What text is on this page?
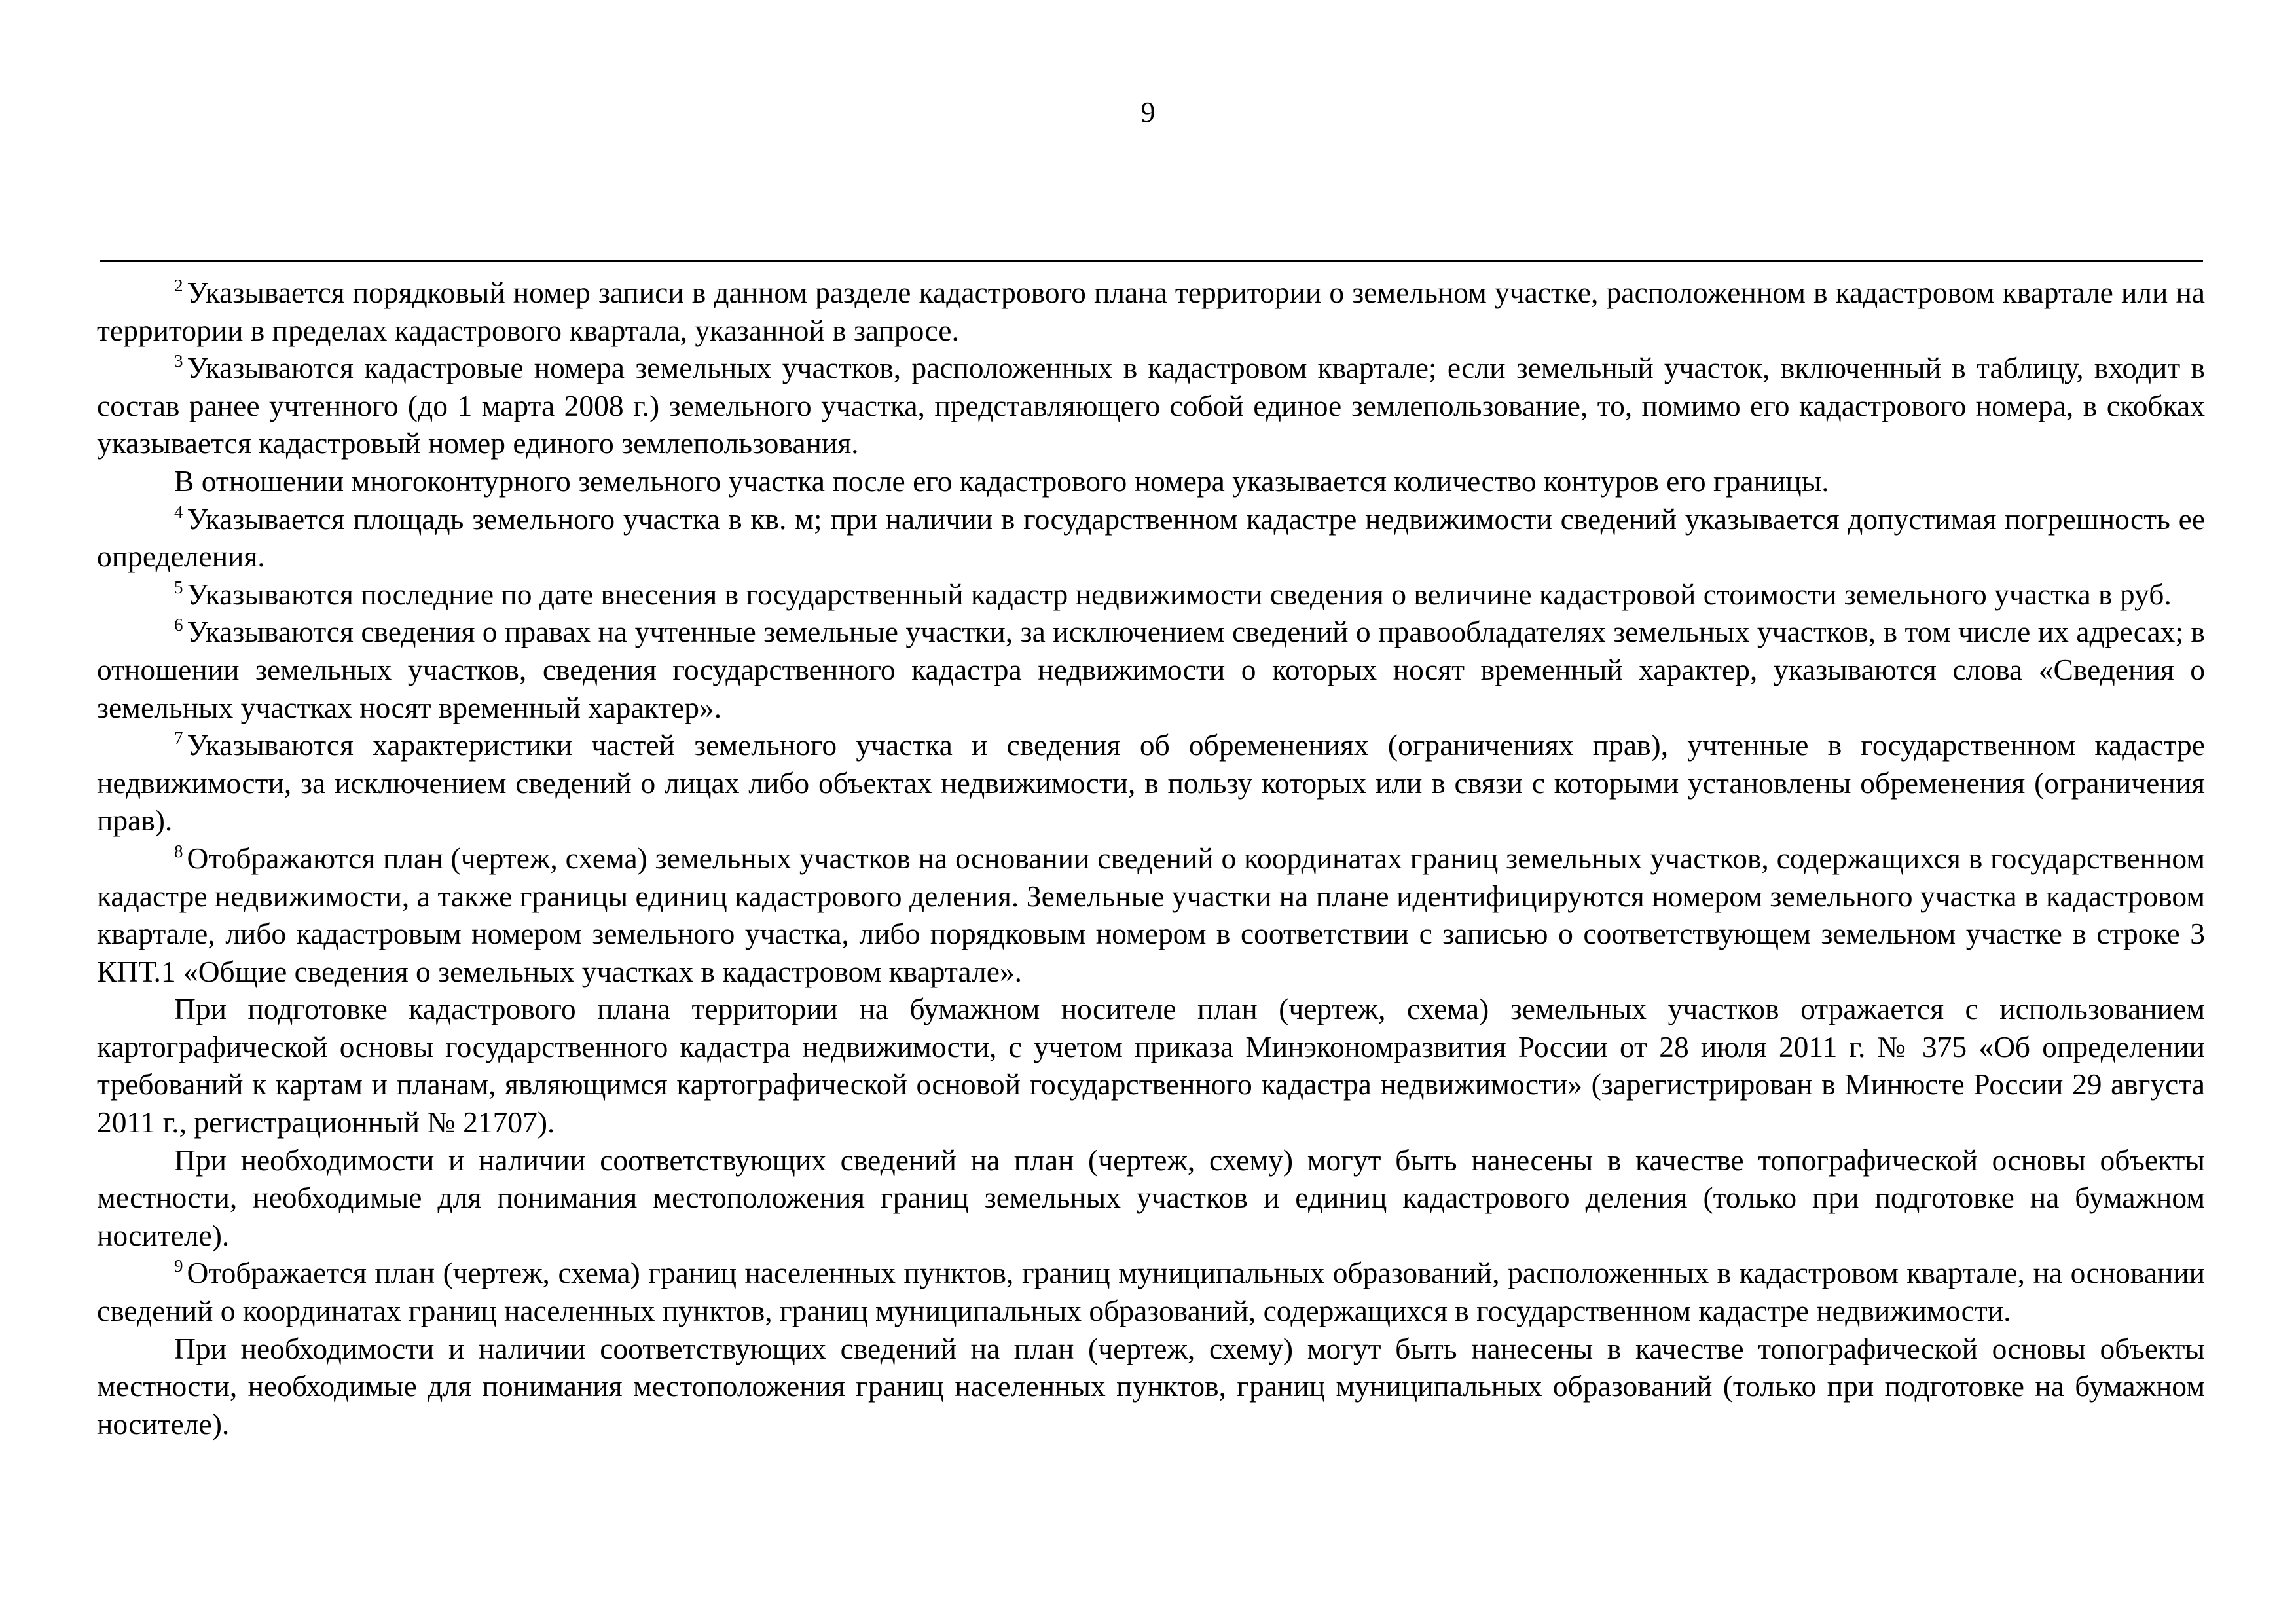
9

$^2$ Указывается порядковый номер записи в данном разделе кадастрового плана территории о земельном участке, расположенном в кадастровом квартале или на территории в пределах кадастрового квартала, указанной в запросе.

$^3$ Указываются кадастровые номера земельных участков, расположенных в кадастровом квартале; если земельный участок, включенный в таблицу, входит в состав ранее учтенного (до 1 марта 2008 г.) земельного участка, представляющего собой единое землепользование, то, помимо его кадастрового номера, в скобках указывается кадастровый номер единого землепользования.

В отношении многоконтурного земельного участка после его кадастрового номера указывается количество контуров его границы.

$^4$ Указывается площадь земельного участка в кв. м; при наличии в государственном кадастре недвижимости сведений указывается допустимая погрешность ее определения.

$^5$ Указываются последние по дате внесения в государственный кадастр недвижимости сведения о величине кадастровой стоимости земельного участка в руб.

$^6$ Указываются сведения о правах на учтенные земельные участки, за исключением сведений о правообладателях земельных участков, в том числе их адресах; в отношении земельных участков, сведения государственного кадастра недвижимости о которых носят временный характер, указываются слова «Сведения о земельных участках носят временный характер».

$^7$ Указываются характеристики частей земельного участка и сведения об обременениях (ограничениях прав), учтенные в государственном кадастре недвижимости, за исключением сведений о лицах либо объектах недвижимости, в пользу которых или в связи с которыми установлены обременения (ограничения прав).

$^8$ Отображаются план (чертеж, схема) земельных участков на основании сведений о координатах границ земельных участков, содержащихся в государственном кадастре недвижимости, а также границы единиц кадастрового деления. Земельные участки на плане идентифицируются номером земельного участка в кадастровом квартале, либо кадастровым номером земельного участка, либо порядковым номером в соответствии с записью о соответствующем земельном участке в строке 3 КПТ.1 «Общие сведения о земельных участках в кадастровом квартале».

При подготовке кадастрового плана территории на бумажном носителе план (чертеж, схема) земельных участков отражается с использованием картографической основы государственного кадастра недвижимости, с учетом приказа Минэкономразвития России от 28 июля 2011 г. № 375 «Об определении требований к картам и планам, являющимся картографической основой государственного кадастра недвижимости» (зарегистрирован в Минюсте России 29 августа 2011 г., регистрационный № 21707).

При необходимости и наличии соответствующих сведений на план (чертеж, схему) могут быть нанесены в качестве топографической основы объекты местности, необходимые для понимания местоположения границ земельных участков и единиц кадастрового деления (только при подготовке на бумажном носителе).

$^9$ Отображается план (чертеж, схема) границ населенных пунктов, границ муниципальных образований, расположенных в кадастровом квартале, на основании сведений о координатах границ населенных пунктов, границ муниципальных образований, содержащихся в государственном кадастре недвижимости.

При необходимости и наличии соответствующих сведений на план (чертеж, схему) могут быть нанесены в качестве топографической основы объекты местности, необходимые для понимания местоположения границ населенных пунктов, границ муниципальных образований (только при подготовке на бумажном носителе).
